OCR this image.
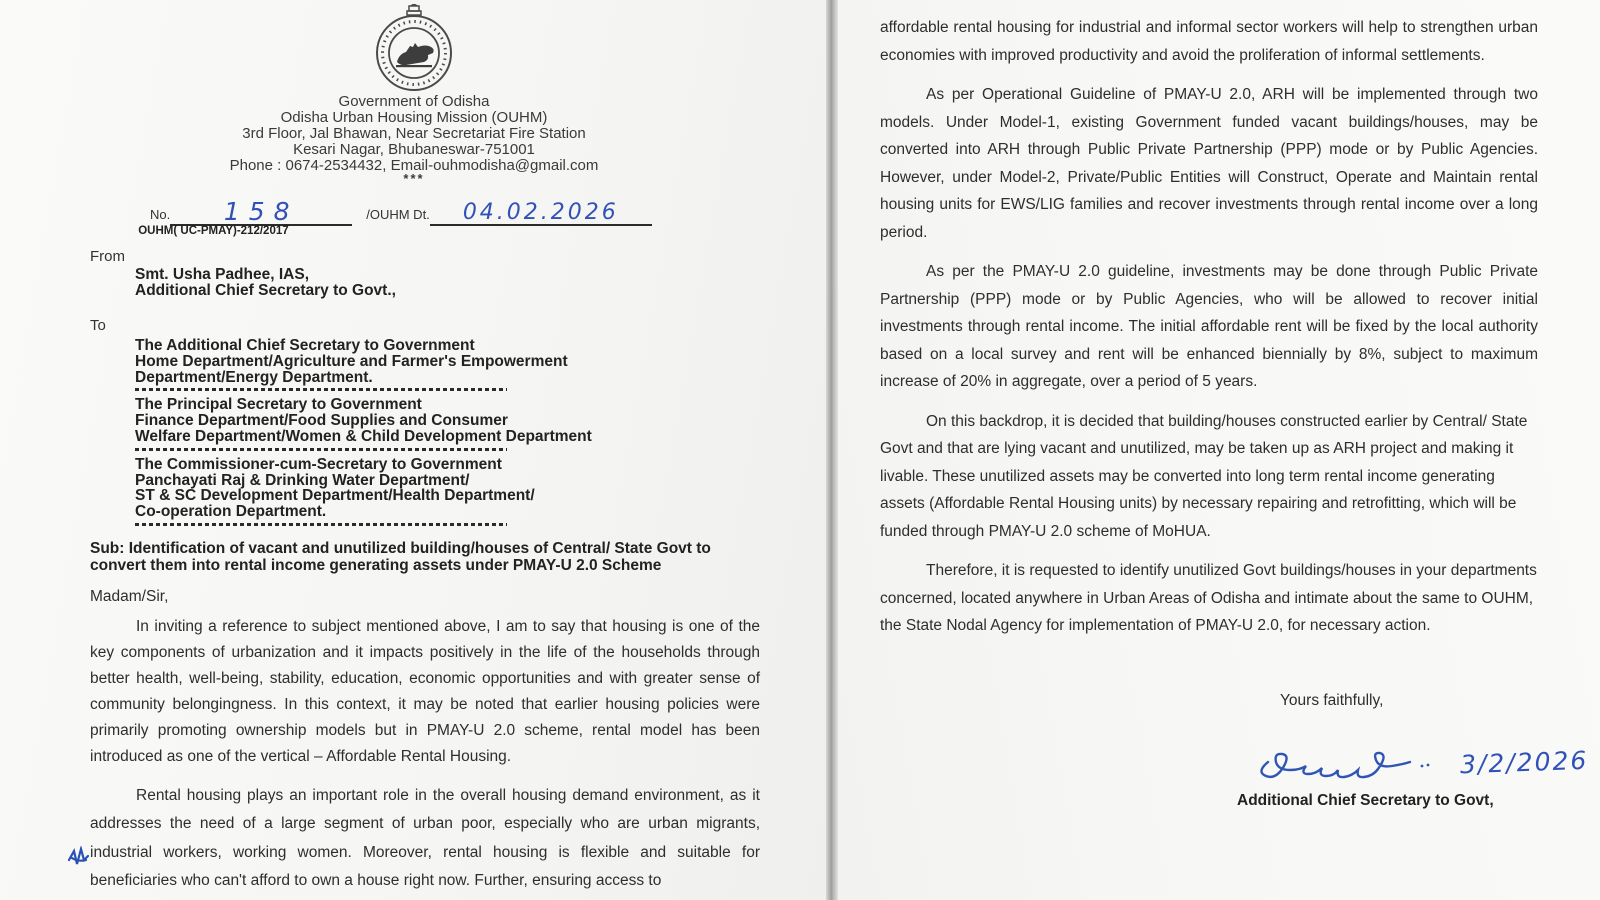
Government of Odisha
Odisha Urban Housing Mission (OUHM)
3rd Floor, Jal Bhawan, Near Secretariat Fire Station
Kesari Nagar, Bhubaneswar-751001
Phone : 0674-2534432, Email-ouhmodisha@gmail.com
***
No.	158
OUHM( UC-PMAY)-212/2017
/OUHM Dt.	04.02.2026
From
Smt. Usha Padhee, IAS,
Additional Chief Secretary to Govt.,
To
The Additional Chief Secretary to Government
Home Department/Agriculture and Farmer's Empowerment
Department/Energy Department.
The Principal Secretary to Government
Finance Department/Food Supplies and Consumer
Welfare Department/Women & Child Development Department
The Commissioner-cum-Secretary to Government
Panchayati Raj & Drinking Water Department/
ST & SC Development Department/Health Department/
Co-operation Department.
Sub: Identification of vacant and unutilized building/houses of Central/ State Govt to convert them into rental income generating assets under PMAY-U 2.0 Scheme
Madam/Sir,
In inviting a reference to subject mentioned above, I am to say that housing is one of the key components of urbanization and it impacts positively in the life of the households through better health, well-being, stability, education, economic opportunities and with greater sense of community belongingness. In this context, it may be noted that earlier housing policies were primarily promoting ownership models but in PMAY-U 2.0 scheme, rental model has been introduced as one of the vertical – Affordable Rental Housing.
Rental housing plays an important role in the overall housing demand environment, as it addresses the need of a large segment of urban poor, especially who are urban migrants, industrial workers, working women. Moreover, rental housing is flexible and suitable for beneficiaries who can't afford to own a house right now. Further, ensuring access to
affordable rental housing for industrial and informal sector workers will help to strengthen urban economies with improved productivity and avoid the proliferation of informal settlements.
As per Operational Guideline of PMAY-U 2.0, ARH will be implemented through two models. Under Model-1, existing Government funded vacant buildings/houses, may be converted into ARH through Public Private Partnership (PPP) mode or by Public Agencies. However, under Model-2, Private/Public Entities will Construct, Operate and Maintain rental housing units for EWS/LIG families and recover investments through rental income over a long period.
As per the PMAY-U 2.0 guideline, investments may be done through Public Private Partnership (PPP) mode or by Public Agencies, who will be allowed to recover initial investments through rental income. The initial affordable rent will be fixed by the local authority based on a local survey and rent will be enhanced biennially by 8%, subject to maximum increase of 20% in aggregate, over a period of 5 years.
On this backdrop, it is decided that building/houses constructed earlier by Central/ State Govt and that are lying vacant and unutilized, may be taken up as ARH project and making it livable. These unutilized assets may be converted into long term rental income generating assets (Affordable Rental Housing units) by necessary repairing and retrofitting, which will be funded through PMAY-U 2.0 scheme of MoHUA.
Therefore, it is requested to identify unutilized Govt buildings/houses in your departments concerned, located anywhere in Urban Areas of Odisha and intimate about the same to OUHM, the State Nodal Agency for implementation of PMAY-U 2.0, for necessary action.
Yours faithfully,
3/2/2026
Additional Chief Secretary to Govt,
